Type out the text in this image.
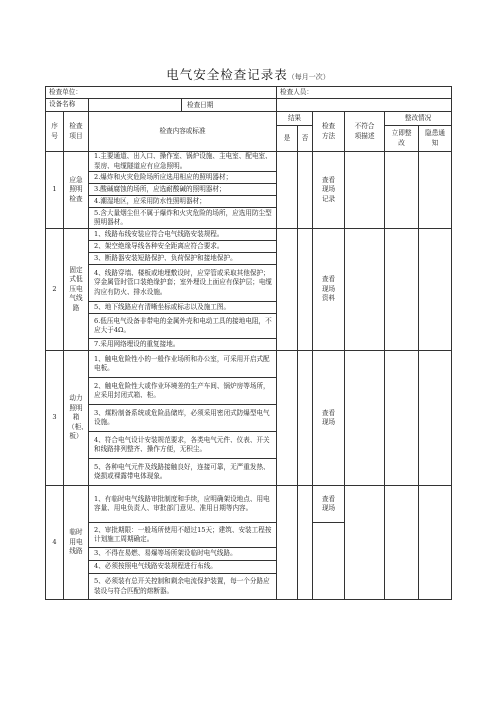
电气安全检查记录表（每月一次）
检查单位：			检查人员：					
设备名称		检查日期						

序号	检查项目	检查内容或标准	结果		检查方法	不符合项描述	整改情况	
			是	否			立即整改	隐患通知
1	应急照明检查	1.主要通道、出入口、操作室、锅炉设施、主电室、配电室、泵房、电缆隧道应有应急照明。			查看现场记录			
		2.爆炸和火灾危险场所应选用相应的照明器材；						
		3.酸碱腐蚀的场所，应选耐酸碱的照明器材；						
		4.潮湿地区，应采用防水性照明器材；						
		5.含大量烟尘但不属于爆炸和火灾危险的场所，应选用防尘型照明器材。						
2	固定式低压电气线路	1、线路布线安装应符合电气线路安装规程。			查看现场资料			
		2、架空绝缘导线各种安全距离应符合要求。						
		3、断路器安装短路保护、负荷保护和接地保护。						
		4、线路穿墙、楼板或地埋敷设时，应穿管或采取其他保护；穿金属管时管口装绝缘护套；室外埋设上面应有保护层；电缆沟应有防火、排水设施。						
		5、地下线路应有清晰坐标或标志以及施工图。						
		6.低压电气设备非带电的金属外壳和电动工具的接地电阻，不应大于4Ω。						
		7.采用网络埋设的重复接地。						
3	动力照明箱（柜、板）	1、触电危险性小的一般作业场所和办公室，可采用开启式配电板。			查看现场			
		2、触电危险性大或作业环境差的生产车间、锅炉房等场所，应采用封闭式箱、柜。						
		3、煤粉制备系统或危险品储库，必须采用密闭式防爆型电气设施。						
		4、符合电气设计安装规范要求，各类电气元件、仪表、开关和线路排列整齐、操作方便，无积尘。						
		5、各种电气元件及线路接触良好，连接可靠，无严重发热、烧损或裸露带电体现象。						
4	临时用电线路	1、有临时电气线路审批制度和手续，应明确架设地点、用电容量、用电负责人、审批部门意见、准用日期等内容。			查看现场			
		2、审批期限：一般场所使用不超过15天；建筑、安装工程按计划施工周期确定。						
		3、不得在易燃、易爆等场所架设临时电气线路。						
		4、必须按照电气线路安装规程进行布线。						
		5、必须装有总开关控制和剩余电流保护装置，每一个分路应装设与符合匹配的熔断器。						
